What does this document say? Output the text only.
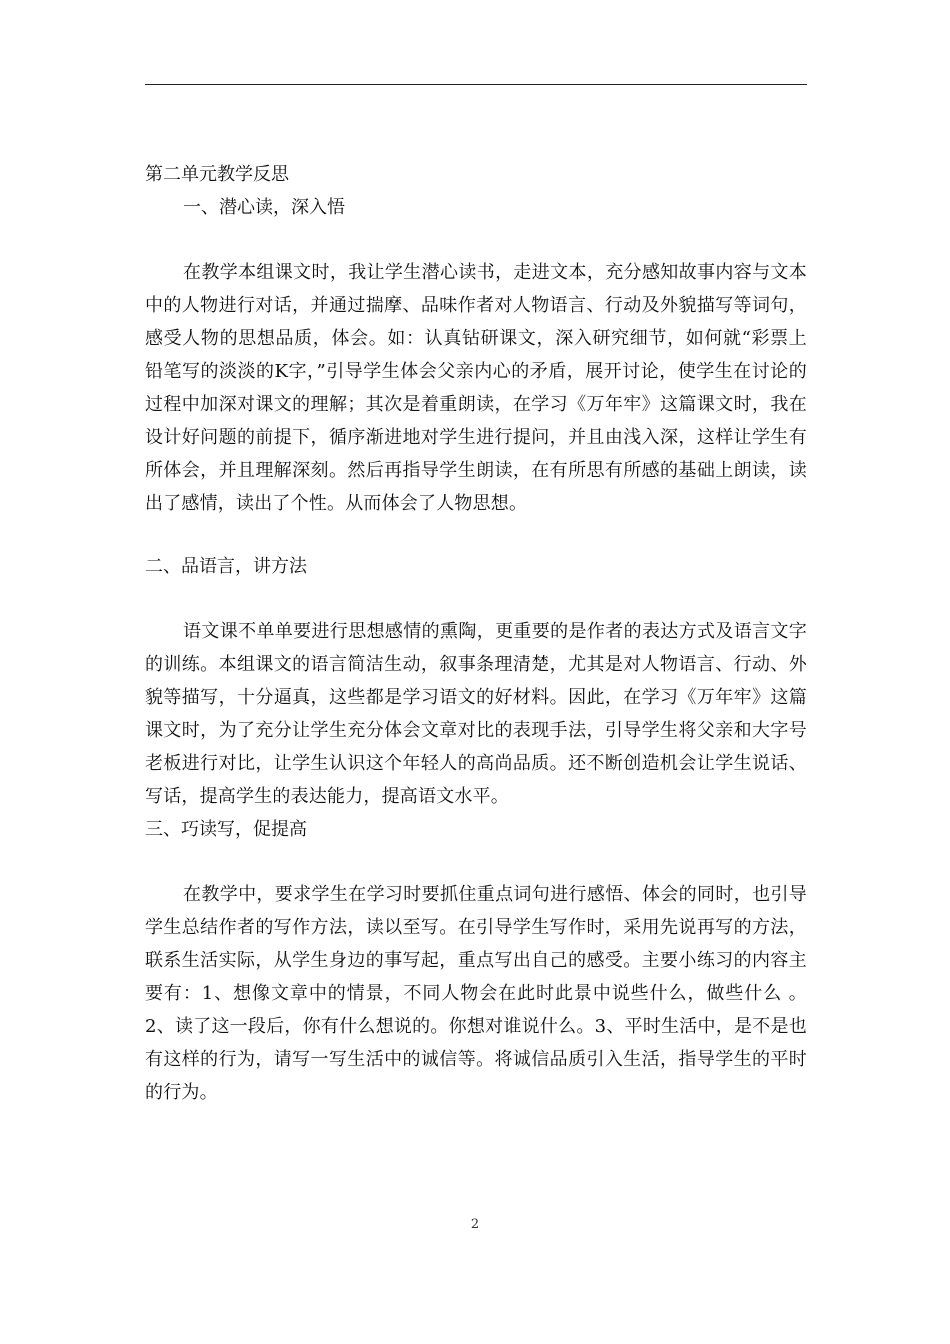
第二单元教学反思

一、潜心读，深入悟

在教学本组课文时，我让学生潜心读书，走进文本，充分感知故事内容与文本中的人物进行对话，并通过揣摩、品味作者对人物语言、行动及外貌描写等词句，感受人物的思想品质，体会。如：认真钻研课文，深入研究细节，如何就“彩票上铅笔写的淡淡的K字，”引导学生体会父亲内心的矛盾，展开讨论，使学生在讨论的过程中加深对课文的理解；其次是着重朗读，在学习《万年牢》这篇课文时，我在设计好问题的前提下，循序渐进地对学生进行提问，并且由浅入深，这样让学生有所体会，并且理解深刻。然后再指导学生朗读，在有所思有所感的基础上朗读，读出了感情，读出了个性。从而体会了人物思想。

二、品语言，讲方法

语文课不单单要进行思想感情的熏陶，更重要的是作者的表达方式及语言文字的训练。本组课文的语言简洁生动，叙事条理清楚，尤其是对人物语言、行动、外貌等描写，十分逼真，这些都是学习语文的好材料。因此，在学习《万年牢》这篇课文时，为了充分让学生充分体会文章对比的表现手法，引导学生将父亲和大字号老板进行对比，让学生认识这个年轻人的高尚品质。还不断创造机会让学生说话、写话，提高学生的表达能力，提高语文水平。

三、巧读写，促提高

在教学中，要求学生在学习时要抓住重点词句进行感悟、体会的同时，也引导学生总结作者的写作方法，读以至写。在引导学生写作时，采用先说再写的方法，联系生活实际，从学生身边的事写起，重点写出自己的感受。主要小练习的内容主要有：1、想像文章中的情景，不同人物会在此时此景中说些什么，做些什么 。2、读了这一段后，你有什么想说的。你想对谁说什么。3、平时生活中，是不是也有这样的行为，请写一写生活中的诚信等。将诚信品质引入生活，指导学生的平时的行为。

2
